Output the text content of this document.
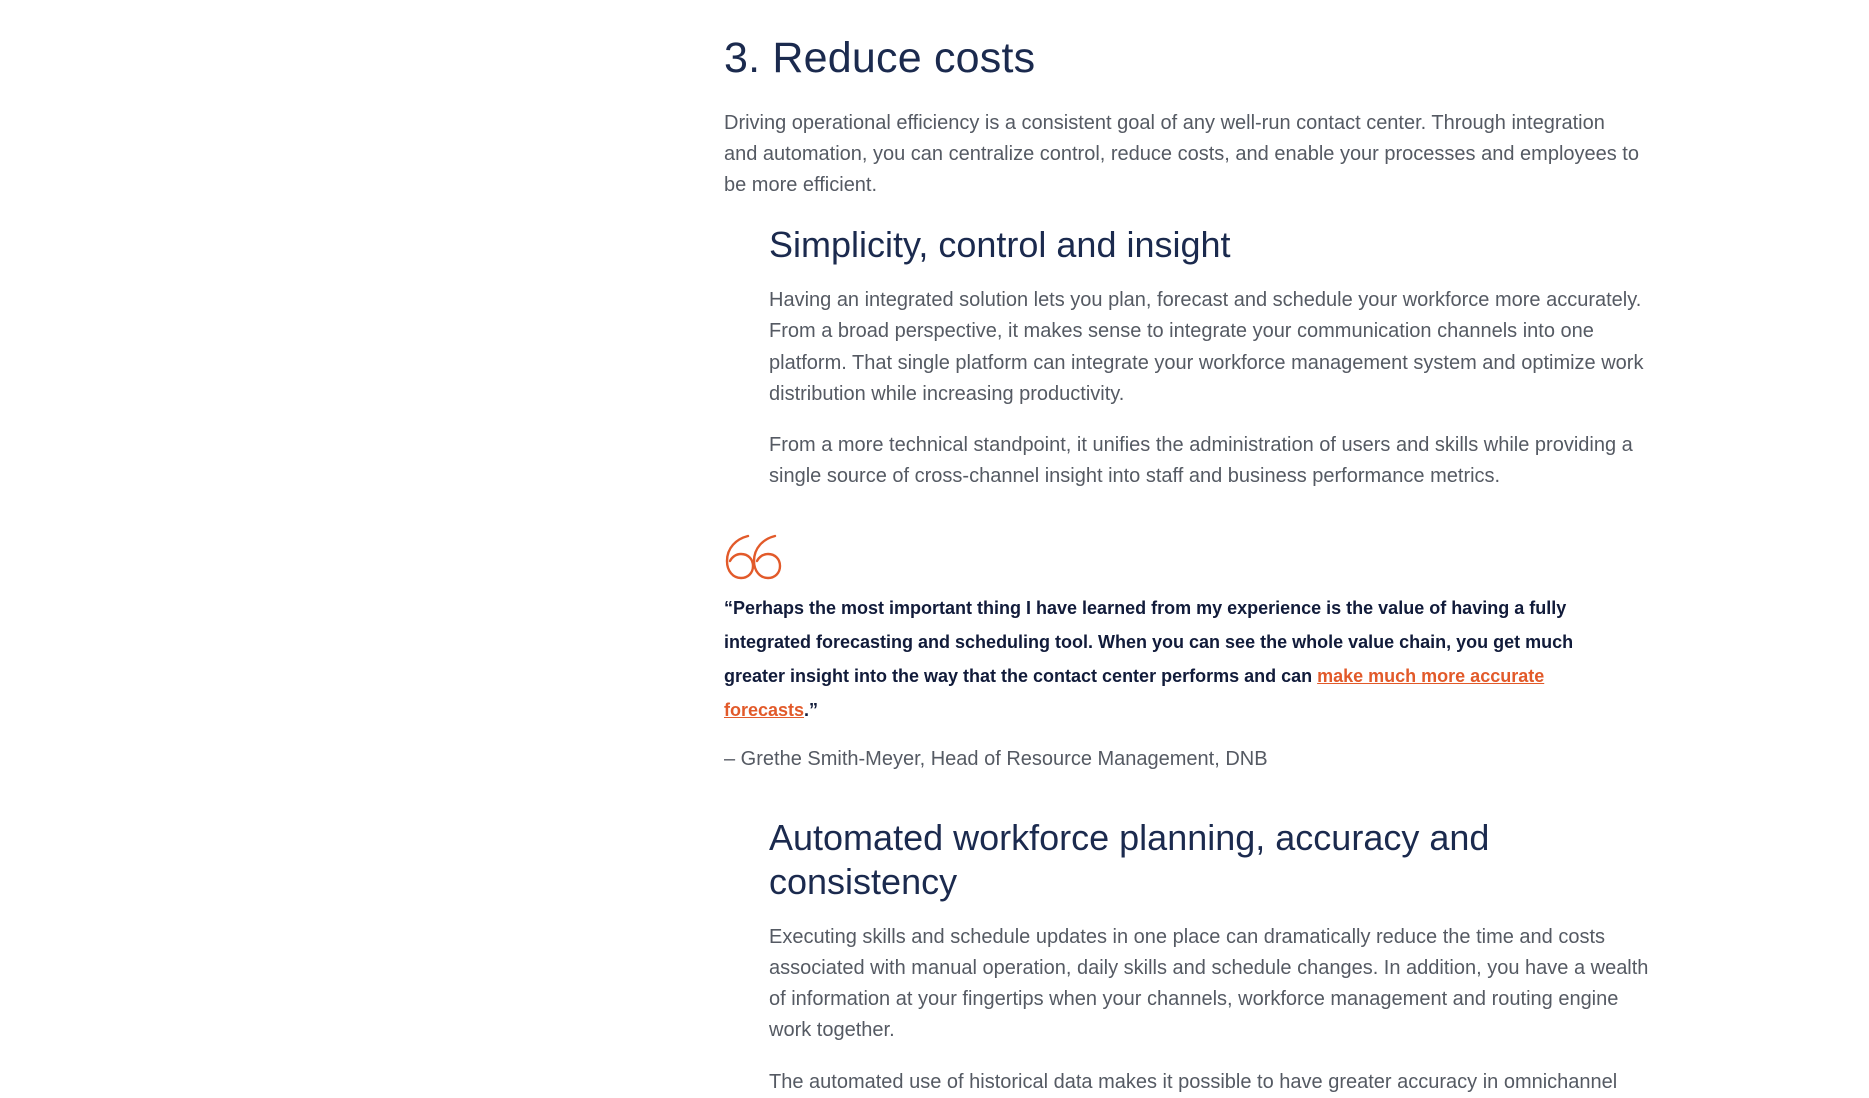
3. Reduce costs

Driving operational efficiency is a consistent goal of any well-run contact center. Through integration and automation, you can centralize control, reduce costs, and enable your processes and employees to be more efficient.

Simplicity, control and insight

Having an integrated solution lets you plan, forecast and schedule your workforce more accurately. From a broad perspective, it makes sense to integrate your communication channels into one platform. That single platform can integrate your workforce management system and optimize work distribution while increasing productivity.

From a more technical standpoint, it unifies the administration of users and skills while providing a single source of cross-channel insight into staff and business performance metrics.

“Perhaps the most important thing I have learned from my experience is the value of having a fully integrated forecasting and scheduling tool. When you can see the whole value chain, you get much greater insight into the way that the contact center performs and can make much more accurate forecasts.”

– Grethe Smith-Meyer, Head of Resource Management, DNB

Automated workforce planning, accuracy and consistency

Executing skills and schedule updates in one place can dramatically reduce the time and costs associated with manual operation, daily skills and schedule changes. In addition, you have a wealth of information at your fingertips when your channels, workforce management and routing engine work together.

The automated use of historical data makes it possible to have greater accuracy in omnichannel
